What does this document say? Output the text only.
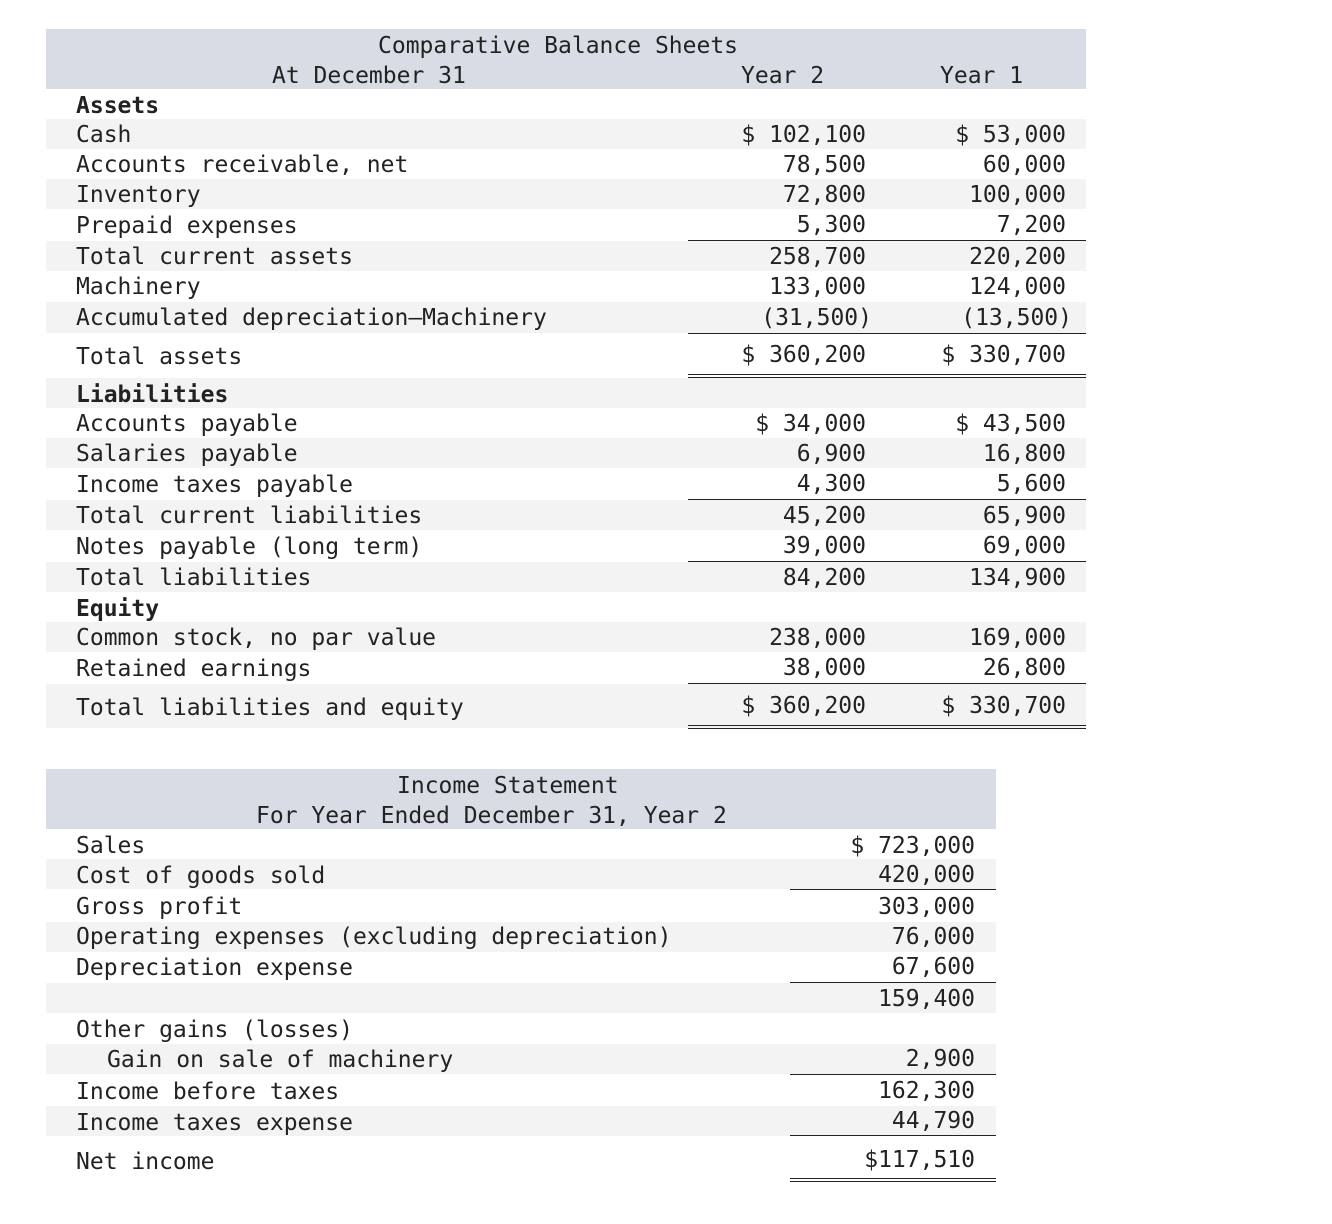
Comparative Balance Sheets
At December 31	Year 2	Year 1
Assets
Cash	$ 102,100	$ 53,000
Accounts receivable, net	78,500	60,000
Inventory	72,800	100,000
Prepaid expenses	5,300	7,200
Total current assets	258,700	220,200
Machinery	133,000	124,000
Accumulated depreciation—Machinery	(31,500)	(13,500)
Total assets	$ 360,200	$ 330,700
Liabilities
Accounts payable	$ 34,000	$ 43,500
Salaries payable	6,900	16,800
Income taxes payable	4,300	5,600
Total current liabilities	45,200	65,900
Notes payable (long term)	39,000	69,000
Total liabilities	84,200	134,900
Equity
Common stock, no par value	238,000	169,000
Retained earnings	38,000	26,800
Total liabilities and equity	$ 360,200	$ 330,700
Income Statement
For Year Ended December 31, Year 2
Sales	$ 723,000
Cost of goods sold	420,000
Gross profit	303,000
Operating expenses (excluding depreciation)	76,000
Depreciation expense	67,600
159,400
Other gains (losses)
Gain on sale of machinery	2,900
Income before taxes	162,300
Income taxes expense	44,790
Net income	$117,510
